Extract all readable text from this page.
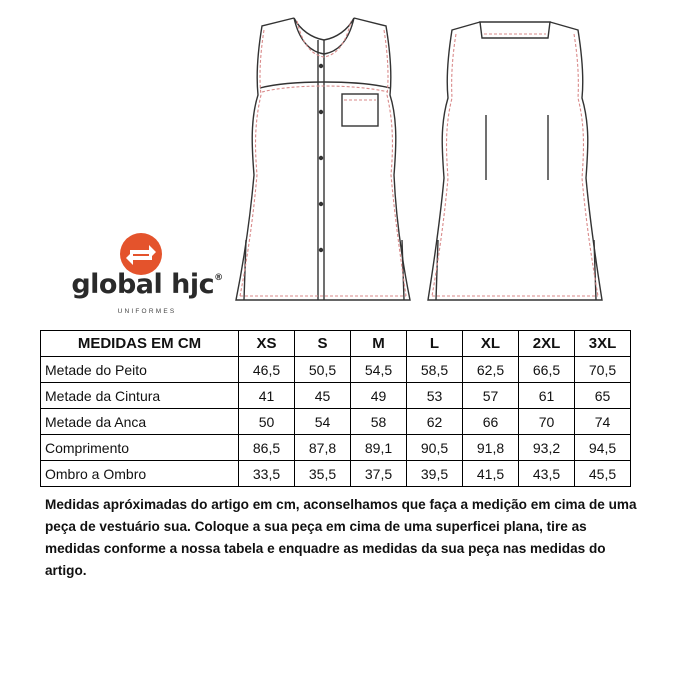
global hjc®
UNIFORMES
MEDIDAS EM CM	XS	S	M	L	XL	2XL	3XL
Metade do Peito	46,5	50,5	54,5	58,5	62,5	66,5	70,5
Metade da Cintura	41	45	49	53	57	61	65
Metade da Anca	50	54	58	62	66	70	74
Comprimento	86,5	87,8	89,1	90,5	91,8	93,2	94,5
Ombro a Ombro	33,5	35,5	37,5	39,5	41,5	43,5	45,5
Medidas apróximadas do artigo em cm, aconselhamos que faça a medição em cima de uma peça de vestuário sua. Coloque a sua peça em cima de uma superficei plana, tire as medidas conforme a nossa tabela e enquadre as medidas da sua peça nas medidas do artigo.
